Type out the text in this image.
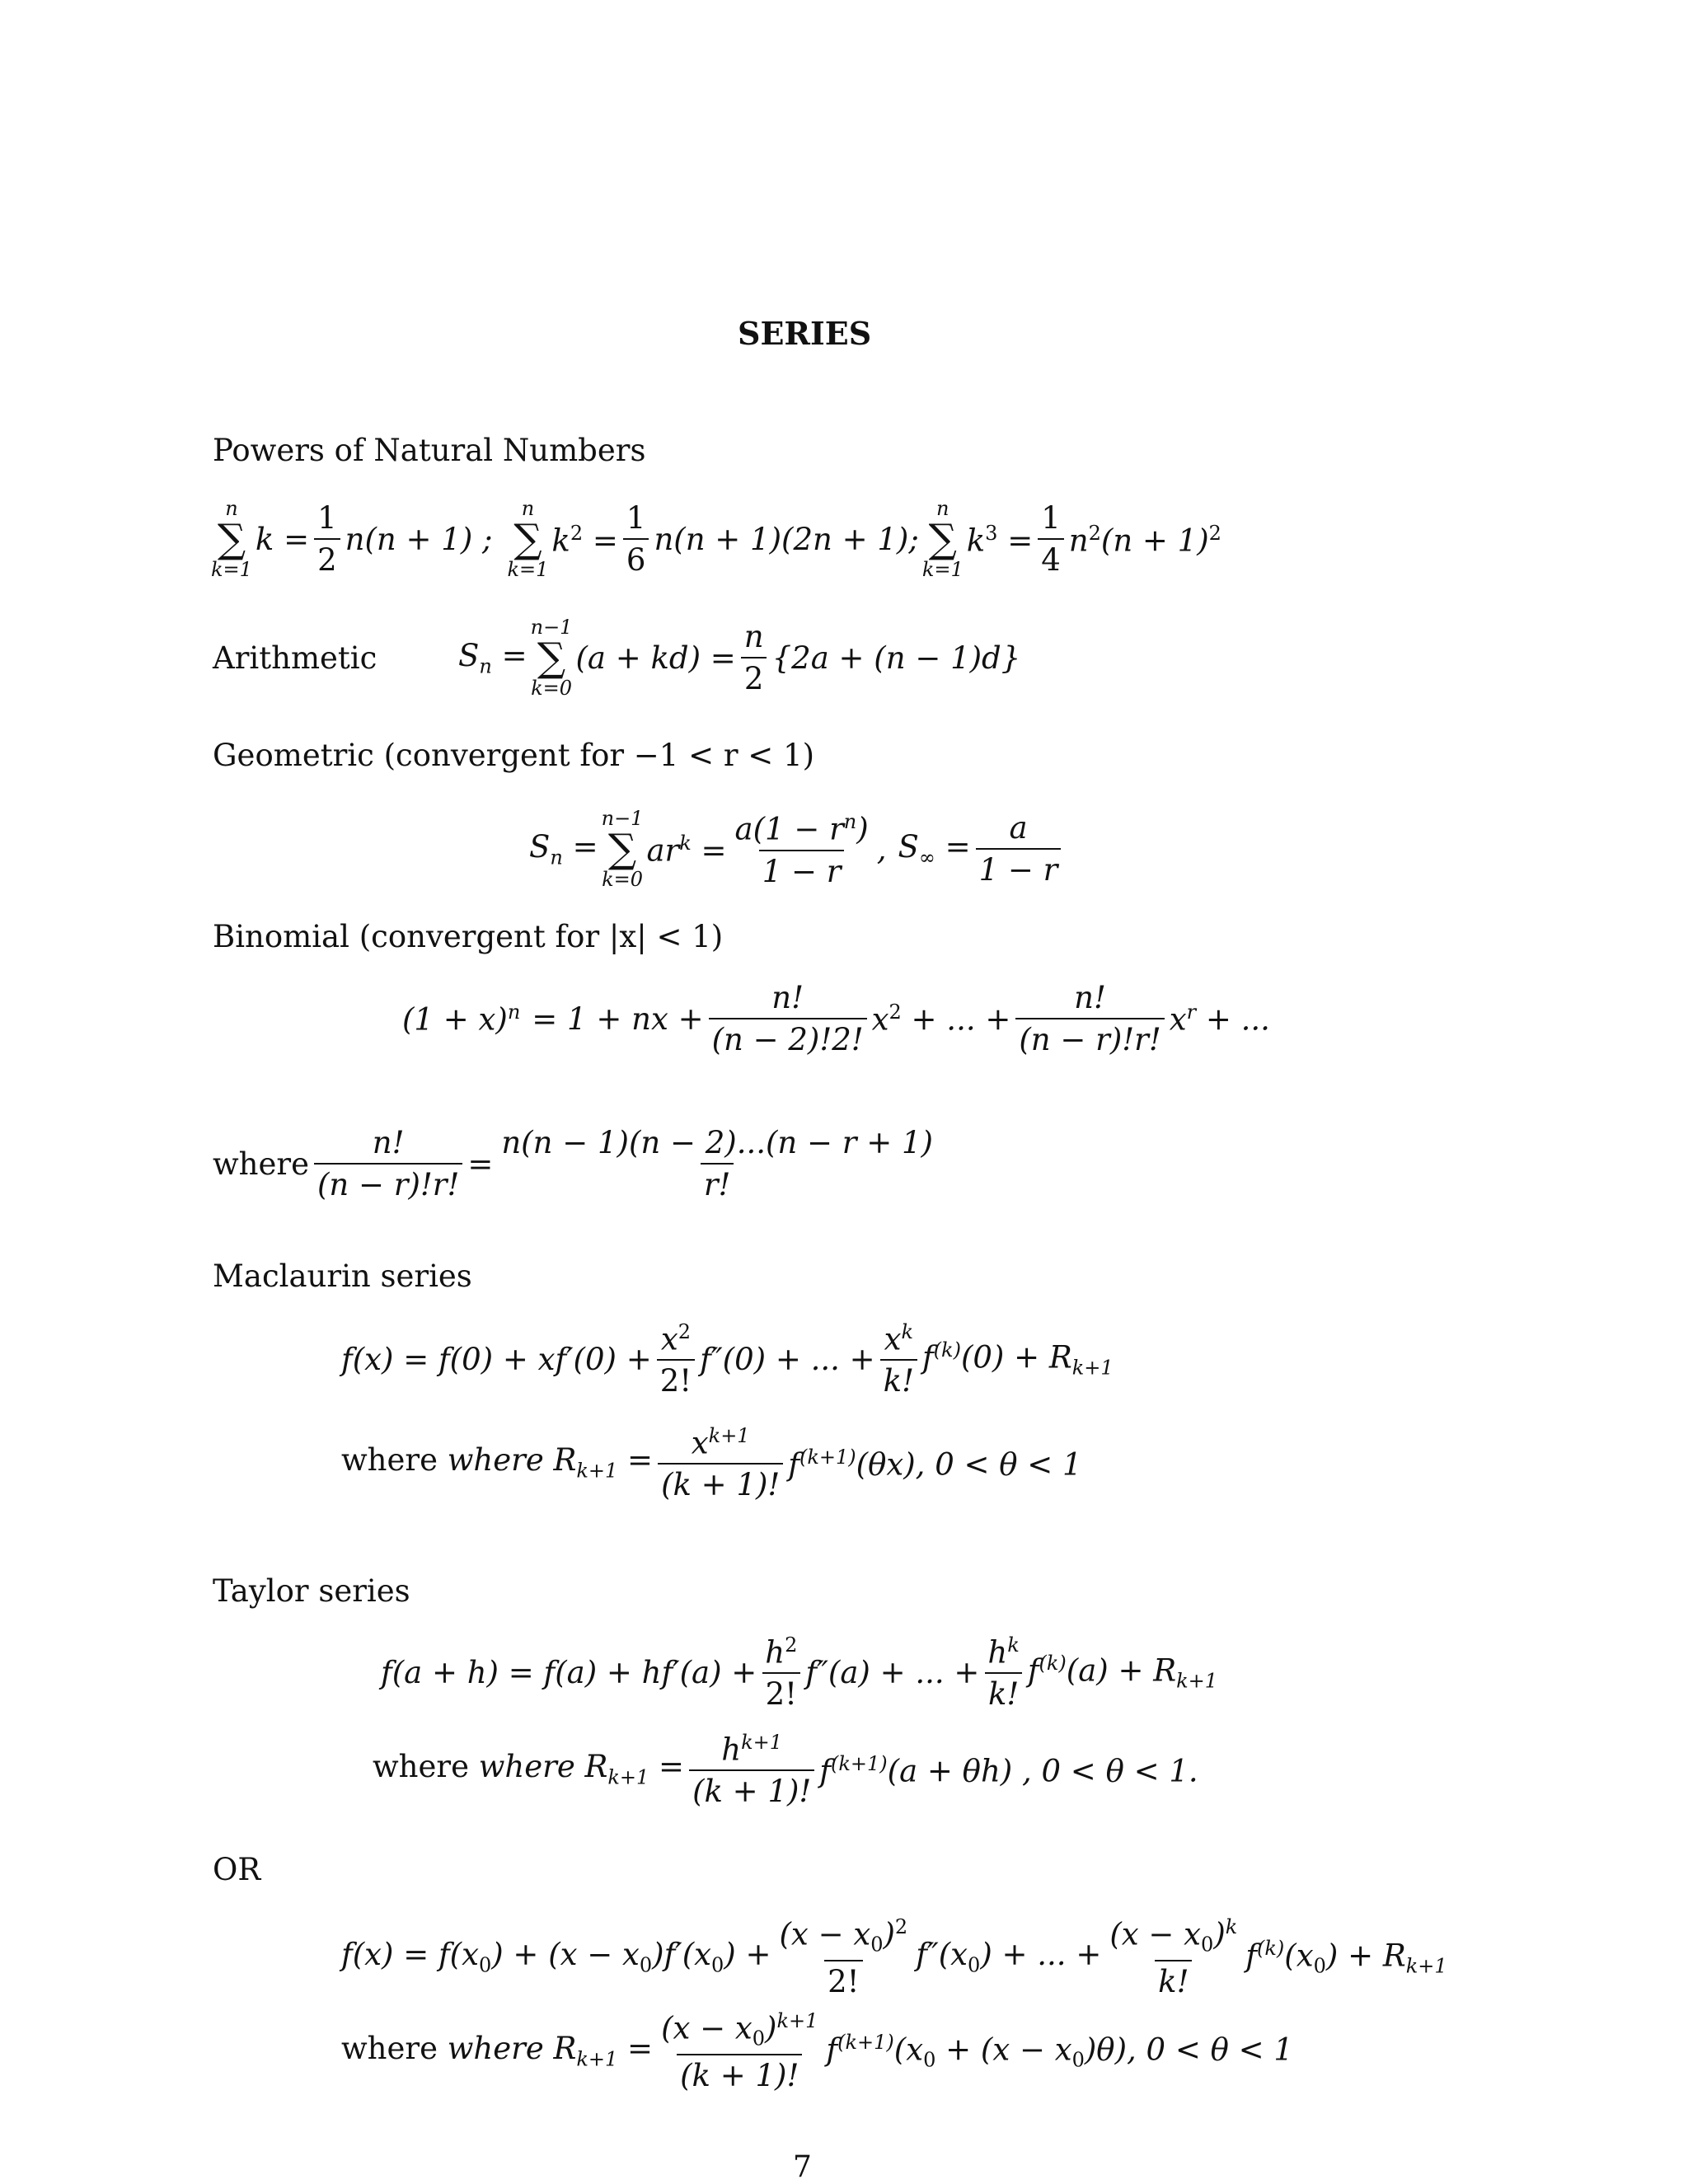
SERIES
Powers of Natural Numbers
n
∑
k=1
$k = \frac{1}{2} n(n + 1)$ ;
n
∑
k=1
$k^2 = \frac{1}{6} n(n + 1)(2n + 1)$;
n
∑
k=1
$k^3 = \frac{1}{4} n^2(n + 1)^2$
Arithmetic	$S_n$ =
n−1
∑
k=0
$(a + kd) = \frac{n}{2} \{2a + (n - 1)d\}$
Geometric (convergent for −1 < r < 1)
$S_n$ =
n−1
∑
k=0
$ar^k = \frac{a(1 - r^n)}{1 - r}$ , $S_\infty = \frac{a}{1 - r}$
Binomial (convergent for |x| < 1)
$(1 + x)^n = 1$ + nx + $\frac{n!}{(n - 2)!2!} x^2$ + ... + $\frac{n!}{(n - r)!r!} x^r$ + ...
where $\frac{n!}{(n - r)!r!} = \frac{n(n - 1)(n - 2)...(n - r + 1)}{r!}$
Maclaurin series
$f(x) = f(0) + xf'(0) + \frac{x^2}{2!} f''(0)$ + ... + $\frac{x^k}{k!} f^{(k)}(0) + R_{k+1}$
where where $R_{k+1} = \frac{x^{k+1}}{(k + 1)!} f^{(k+1)}(\theta x)$, 0 < θ < 1
Taylor series
$f(a + h) = f(a) + hf'(a) + \frac{h^2}{2!} f''(a)$ + ... + $\frac{h^k}{k!} f^{(k)}(a) + R_{k+1}$
where where $R_{k+1} = \frac{h^{k+1}}{(k + 1)!} f^{(k+1)}(a + \theta h)$ , 0 < θ < 1.
OR
$f(x) = f(x_0) + (x - x_0)f'(x_0) + \frac{(x - x_0)^2}{2!} f''(x_0)$ + ... + $\frac{(x - x_0)^k}{k!} f^{(k)}(x_0) + R_{k+1}$
where where $R_{k+1} = \frac{(x - x_0)^{k+1}}{(k + 1)!} f^{(k+1)}(x_0 + (x - x_0)\theta)$, 0 < θ < 1
7
